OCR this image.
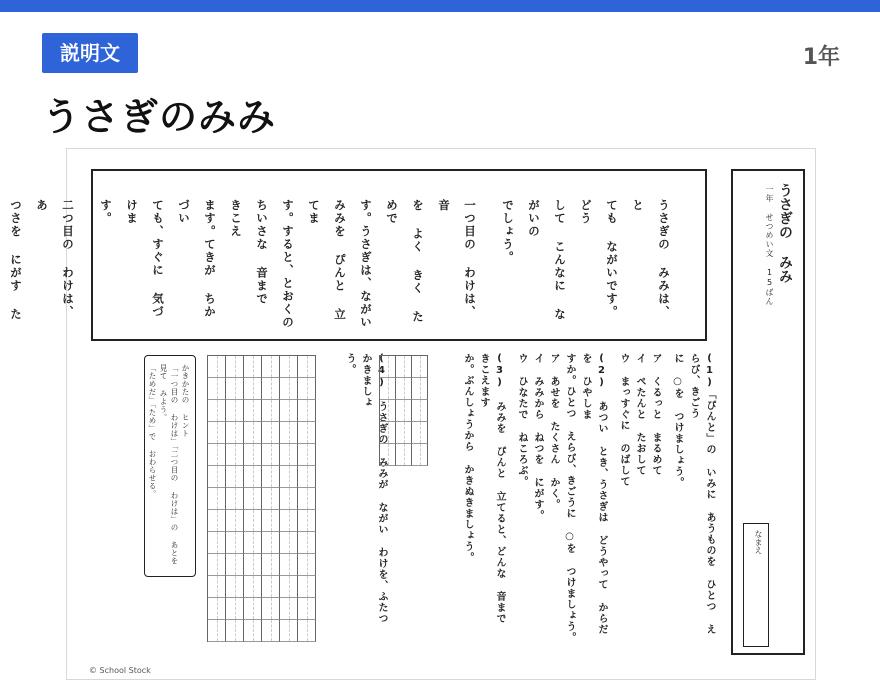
説明文	1年
うさぎのみみ
うさぎの みみは、と
ても ながいです。どう
して こんなに ながいの
でしょう。
一つ目の わけは、音
を よく きく ためで
す。うさぎは、ながい
みみを ぴんと 立てま
す。すると、とおくの
ちいさな 音まで きこえ
ます。てきが ちかづい
ても、すぐに 気づけま
す。
二つ目の わけは、あ
つさを にがす た
うさぎの みみ
一年 せつめい文 15ばん
なまえ
(1)「ぴんと」の いみに あうものを ひとつ えらび、きごう
に ○を つけましょう。
ア くるっと まるめて
イ ぺたんと たおして
ウ まっすぐに のばして
(2) あつい とき、うさぎは どうやって からだを ひやしま
すか。ひとつ えらび、きごうに ○を つけましょう。
ア あせを たくさん かく。
イ みみから ねつを にがす。
ウ ひなたで ねころぶ。
(3) みみを ぴんと 立てると、どんな 音まで きこえます
か。ぶんしょうから かきぬきましょう。
(4) うさぎの みみが ながい わけを、ふたつ かきましょ
う。
かきかたの ヒント
「一つ目の わけは」「二つ目の わけは」の あとを 見て みよう。
「ためだ」「ため」で おわらせる。
© School Stock
